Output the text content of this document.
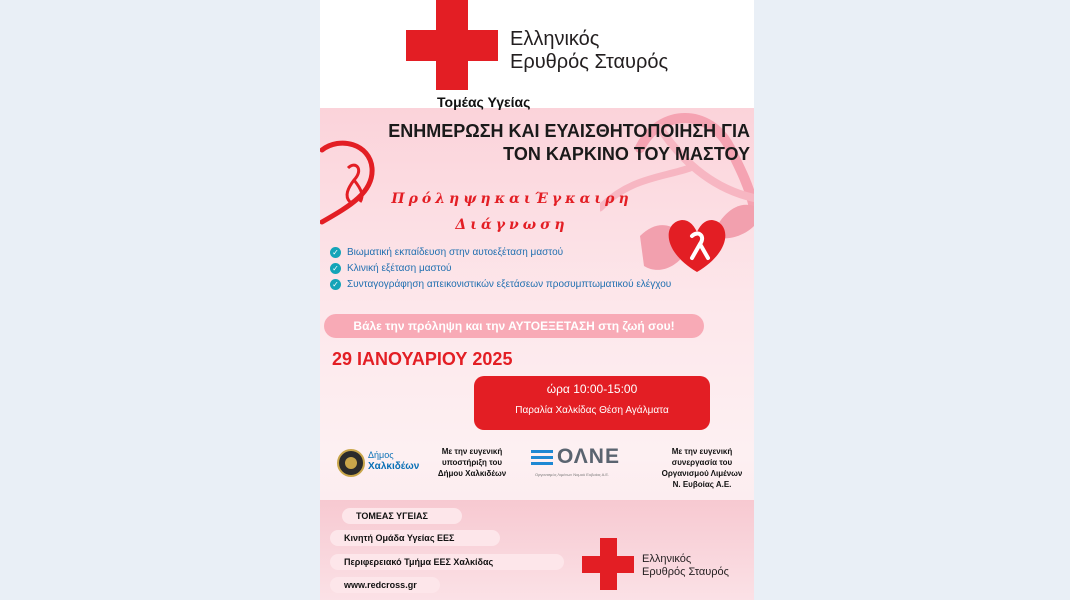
Ελληνικός
Ερυθρός Σταυρός
Τομέας Υγείας
ΕΝΗΜΕΡΩΣΗ ΚΑΙ ΕΥΑΙΣΘΗΤΟΠΟΙΗΣΗ ΓΙΑ
ΤΟΝ ΚΑΡΚΙΝΟ ΤΟΥ ΜΑΣΤΟΥ
ΠρόληψηκαιΈγκαιρη
Διάγνωση
✓ Βιωματική εκπαίδευση στην αυτοεξέταση μαστού
✓ Κλινική εξέταση μαστού
✓ Συνταγογράφηση απεικονιστικών εξετάσεων προσυμπτωματικού ελέγχου
Βάλε την πρόληψη και την ΑΥΤΟΕΞΕΤΑΣΗ στη ζωή σου!
29 ΙΑΝΟΥΑΡΙΟΥ 2025
ώρα 10:00-15:00
Παραλία Χαλκίδας Θέση Αγάλματα
Δήμος
Χαλκιδέων
Με την ευγενική
υποστήριξη του
Δήμου Χαλκιδέων
ΟΛΝΕ
Οργανισμός Λιμένων Νομού Ευβοίας Α.Ε.
Με την ευγενική
συνεργασία του
Οργανισμού Λιμένων
Ν. Ευβοίας Α.Ε.
ΤΟΜΕΑΣ ΥΓΕΙΑΣ
Κινητή Ομάδα Υγείας ΕΕΣ
Περιφερειακό Τμήμα ΕΕΣ Χαλκίδας
www.redcross.gr
Ελληνικός
Ερυθρός Σταυρός
